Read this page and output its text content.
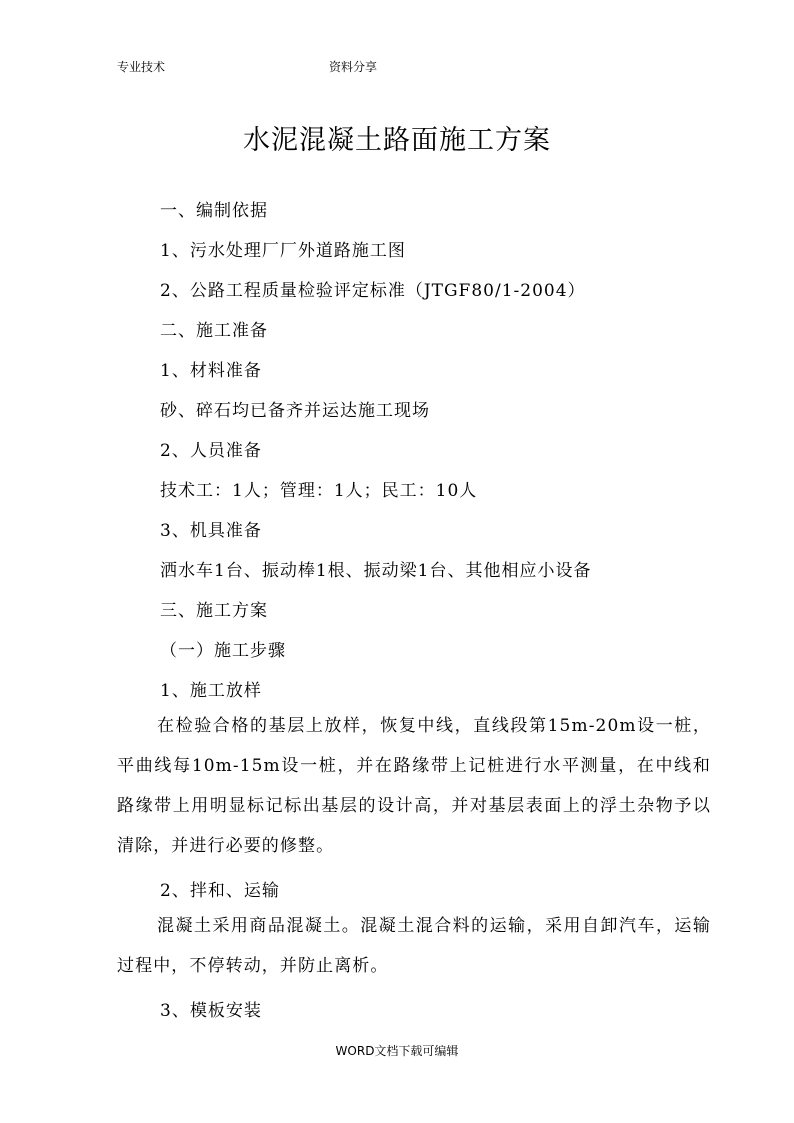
专业技术	资料分享
水泥混凝土路面施工方案
一、编制依据
1、污水处理厂厂外道路施工图
2、公路工程质量检验评定标准（JTGF80/1-2004）
二、施工准备
1、材料准备
砂、碎石均已备齐并运达施工现场
2、人员准备
技术工：1人；管理：1人；民工：10人
3、机具准备
洒水车1台、振动棒1根、振动梁1台、其他相应小设备
三、施工方案
（一）施工步骤
1、施工放样
在检验合格的基层上放样，恢复中线，直线段第15m-20m设一桩，平曲线每10m-15m设一桩，并在路缘带上记桩进行水平测量，在中线和路缘带上用明显标记标出基层的设计高，并对基层表面上的浮土杂物予以清除，并进行必要的修整。
2、拌和、运输
混凝土采用商品混凝土。混凝土混合料的运输，采用自卸汽车，运输过程中，不停转动，并防止离析。
3、模板安装
WORD文档下载可编辑
